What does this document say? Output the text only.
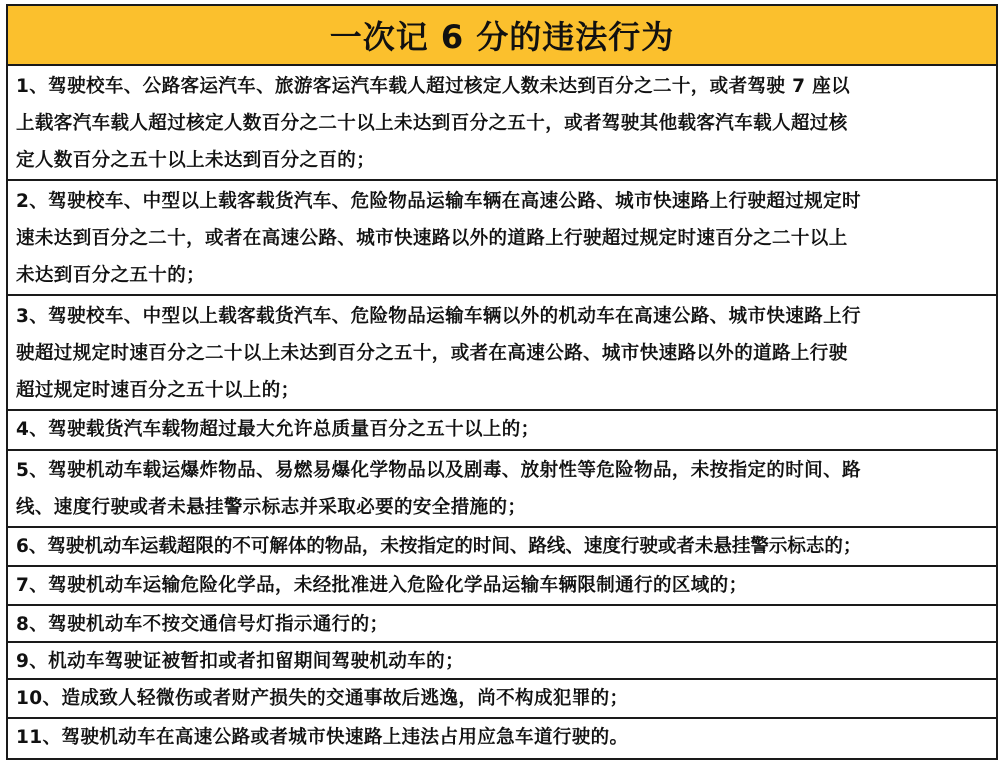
一次记 6 分的违法行为
1、驾驶校车、公路客运汽车、旅游客运汽车载人超过核定人数未达到百分之二十，或者驾驶 7 座以
上载客汽车载人超过核定人数百分之二十以上未达到百分之五十，或者驾驶其他载客汽车载人超过核
定人数百分之五十以上未达到百分之百的；
2、驾驶校车、中型以上载客载货汽车、危险物品运输车辆在高速公路、城市快速路上行驶超过规定时
速未达到百分之二十，或者在高速公路、城市快速路以外的道路上行驶超过规定时速百分之二十以上
未达到百分之五十的；
3、驾驶校车、中型以上载客载货汽车、危险物品运输车辆以外的机动车在高速公路、城市快速路上行
驶超过规定时速百分之二十以上未达到百分之五十，或者在高速公路、城市快速路以外的道路上行驶
超过规定时速百分之五十以上的；
4、驾驶载货汽车载物超过最大允许总质量百分之五十以上的；
5、驾驶机动车载运爆炸物品、易燃易爆化学物品以及剧毒、放射性等危险物品，未按指定的时间、路
线、速度行驶或者未悬挂警示标志并采取必要的安全措施的；
6、驾驶机动车运载超限的不可解体的物品，未按指定的时间、路线、速度行驶或者未悬挂警示标志的；
7、驾驶机动车运输危险化学品，未经批准进入危险化学品运输车辆限制通行的区域的；
8、驾驶机动车不按交通信号灯指示通行的；
9、机动车驾驶证被暂扣或者扣留期间驾驶机动车的；
10、造成致人轻微伤或者财产损失的交通事故后逃逸，尚不构成犯罪的；
11、驾驶机动车在高速公路或者城市快速路上违法占用应急车道行驶的。
